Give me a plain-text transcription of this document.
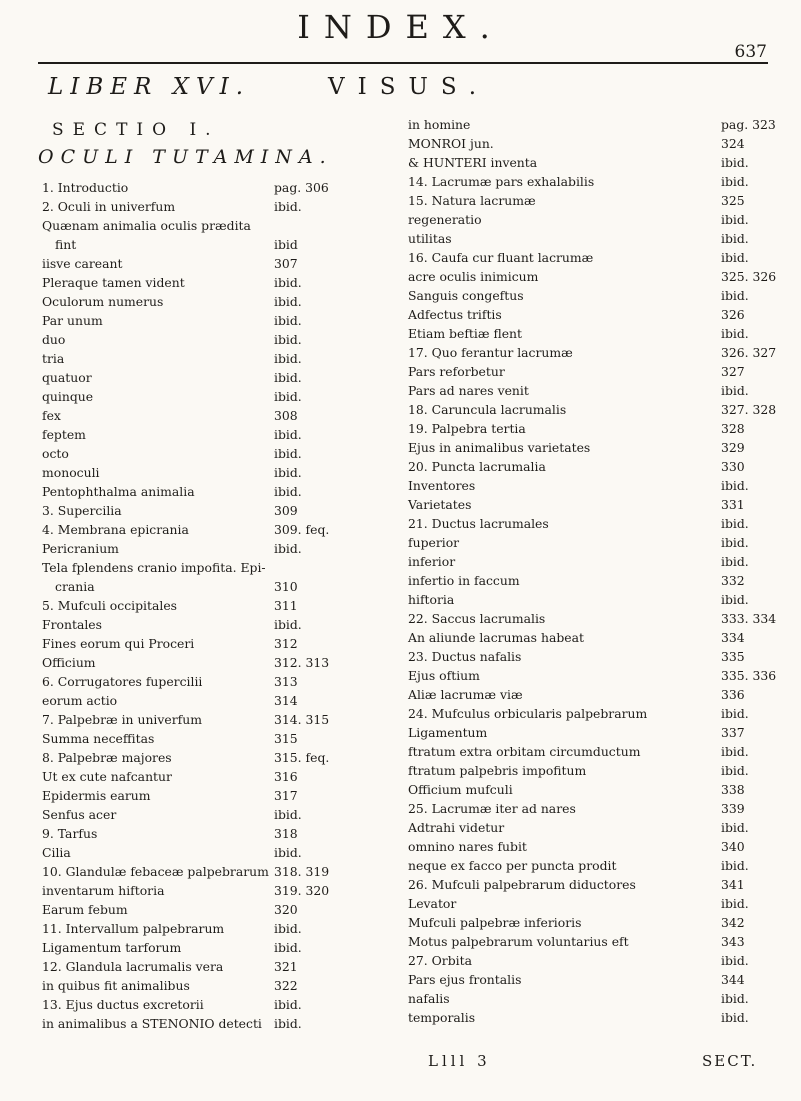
INDEX.
637
LIBER XVI.	VISUS.
SECTIO I.
OCULI TUTAMINA.
1. Introductio	pag. 306
2. Oculi in univerfum	ibid.
Quænam animalia oculis prædita
fint	ibid
iisve careant	307
Pleraque tamen vident	ibid.
Oculorum numerus	ibid.
Par unum	ibid.
duo	ibid.
tria	ibid.
quatuor	ibid.
quinque	ibid.
fex	308
feptem	ibid.
octo	ibid.
monoculi	ibid.
Pentophthalma animalia	ibid.
3. Supercilia	309
4. Membrana epicrania	309. feq.
Pericranium	ibid.
Tela fplendens cranio impofita. Epi-
crania	310
5. Mufculi occipitales	311
Frontales	ibid.
Fines eorum qui Proceri	312
Officium	312. 313
6. Corrugatores fupercilii	313
eorum actio	314
7. Palpebræ in univerfum	314. 315
Summa neceffitas	315
8. Palpebræ majores	315. feq.
Ut ex cute nafcantur	316
Epidermis earum	317
Senfus acer	ibid.
9. Tarfus	318
Cilia	ibid.
10. Glandulæ febaceæ palpebrarum 318. 319
inventarum hiftoria	319. 320
Earum febum	320
11. Intervallum palpebrarum	ibid.
Ligamentum tarforum	ibid.
12. Glandula lacrumalis vera	321
in quibus fit animalibus	322
13. Ejus ductus excretorii	ibid.
in animalibus a STENONIO detecti ibid.
in homine	pag. 323
MONROI jun.	324
& HUNTERI inventa	ibid.
14. Lacrumæ pars exhalabilis	ibid.
15. Natura lacrumæ	325
regeneratio	ibid.
utilitas	ibid.
16. Caufa cur fluant lacrumæ	ibid.
acre oculis inimicum	325. 326
Sanguis congeftus	ibid.
Adfectus triftis	326
Etiam beftiæ flent	ibid.
17. Quo ferantur lacrumæ	326. 327
Pars reforbetur	327
Pars ad nares venit	ibid.
18. Caruncula lacrumalis	327. 328
19. Palpebra tertia	328
Ejus in animalibus varietates	329
20. Puncta lacrumalia	330
Inventores	ibid.
Varietates	331
21. Ductus lacrumales	ibid.
fuperior	ibid.
inferior	ibid.
infertio in faccum	332
hiftoria	ibid.
22. Saccus lacrumalis	333. 334
An aliunde lacrumas habeat	334
23. Ductus nafalis	335
Ejus oftium	335. 336
Aliæ lacrumæ viæ	336
24. Mufculus orbicularis palpebrarum	ibid.
Ligamentum	337
ftratum extra orbitam circumductum	ibid.
ftratum palpebris impofitum	ibid.
Officium mufculi	338
25. Lacrumæ iter ad nares	339
Adtrahi videtur	ibid.
omnino nares fubit	340
neque ex facco per puncta prodit	ibid.
26. Mufculi palpebrarum diductores	341
Levator	ibid.
Mufculi palpebræ inferioris	342
Motus palpebrarum voluntarius eft	343
27. Orbita	ibid.
Pars ejus frontalis	344
nafalis	ibid.
temporalis	ibid.
Llll 3	SECT.
